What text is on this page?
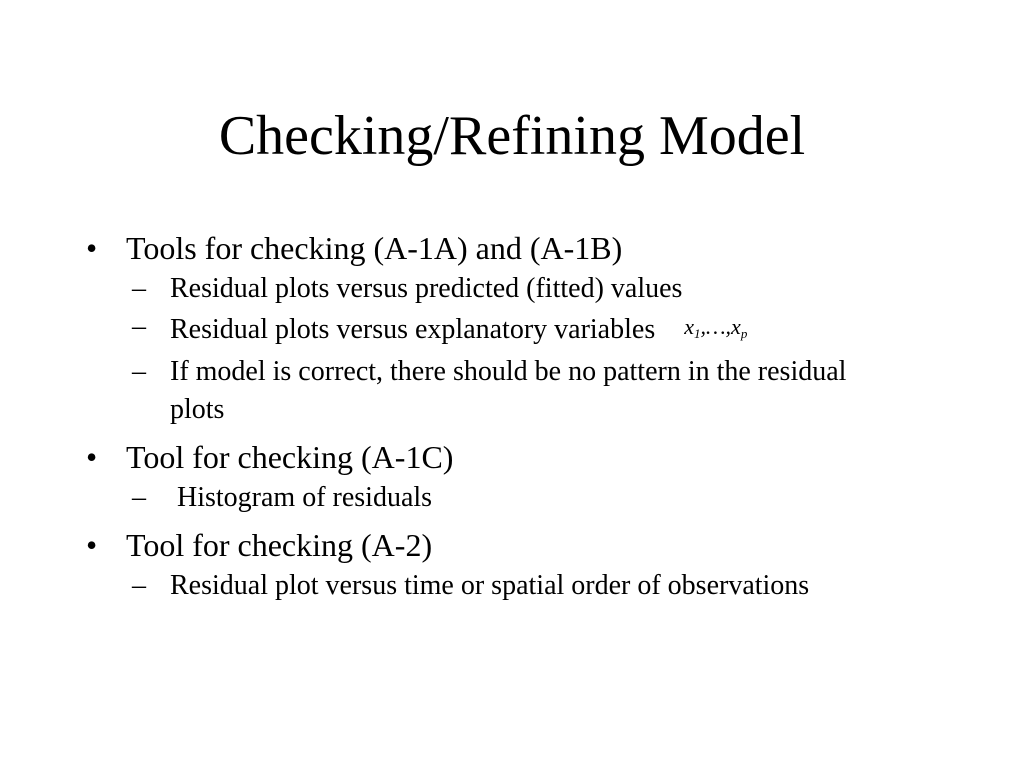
Checking/Refining Model
• Tools for checking (A-1A) and (A-1B)
– Residual plots versus predicted (fitted) values
– Residual plots versus explanatory variables $x_1,\dots,x_p$
– If model is correct, there should be no pattern in the residual plots
• Tool for checking (A-1C)
– Histogram of residuals
• Tool for checking (A-2)
– Residual plot versus time or spatial order of observations
